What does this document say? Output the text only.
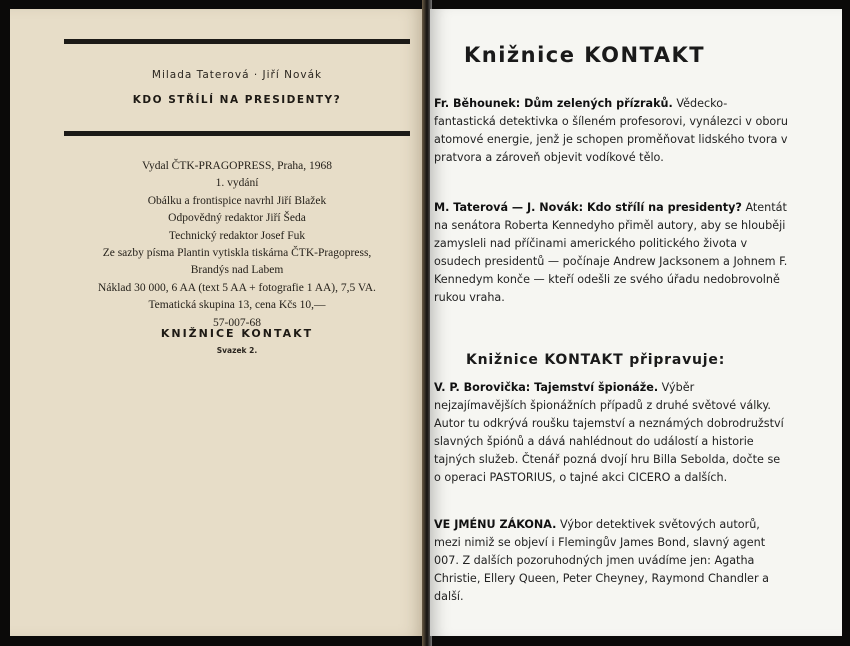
Milada Taterová · Jiří Novák
KDO STŘÍLÍ NA PRESIDENTY?
Vydal ČTK-PRAGOPRESS, Praha, 1968
1. vydání
Obálku a frontispice navrhl Jiří Blažek
Odpovědný redaktor Jiří Šeda
Technický redaktor Josef Fuk
Ze sazby písma Plantin vytiskla tiskárna ČTK-Pragopress,
Brandýs nad Labem
Náklad 30 000, 6 AA (text 5 AA + fotografie 1 AA), 7,5 VA.
Tematická skupina 13, cena Kčs 10,—
57-007-68
KNIŽNICE KONTAKT
Svazek 2.
Knižnice KONTAKT

Fr. Běhounek: Dům zelených přízraků. Vědecko-fantastická detektivka o šíleném profesorovi, vynálezci v oboru atomové energie, jenž je schopen proměňovat lidského tvora v pratvora a zároveň objevit vodíkové tělo.

M. Taterová — J. Novák: Kdo střílí na presidenty? Atentát na senátora Roberta Kennedyho přiměl autory, aby se hlouběji zamysleli nad příčinami amerického politického života v osudech presidentů — počínaje Andrew Jacksonem a Johnem F. Kennedym konče — kteří odešli ze svého úřadu nedobrovolně rukou vraha.

Knižnice KONTAKT připravuje:

V. P. Borovička: Tajemství špionáže. Výběr nejzajímavějších špionážních případů z druhé světové války. Autor tu odkrývá roušku tajemství a neznámých dobrodružství slavných špiónů a dává nahlédnout do událostí a historie tajných služeb. Čtenář pozná dvojí hru Billa Sebolda, dočte se o operaci PASTORIUS, o tajné akci CICERO a dalších.

VE JMÉNU ZÁKONA. Výbor detektivek světových autorů, mezi nimiž se objeví i Flemingův James Bond, slavný agent 007. Z dalších pozoruhodných jmen uvádíme jen: Agatha Christie, Ellery Queen, Peter Cheyney, Raymond Chandler a další.
